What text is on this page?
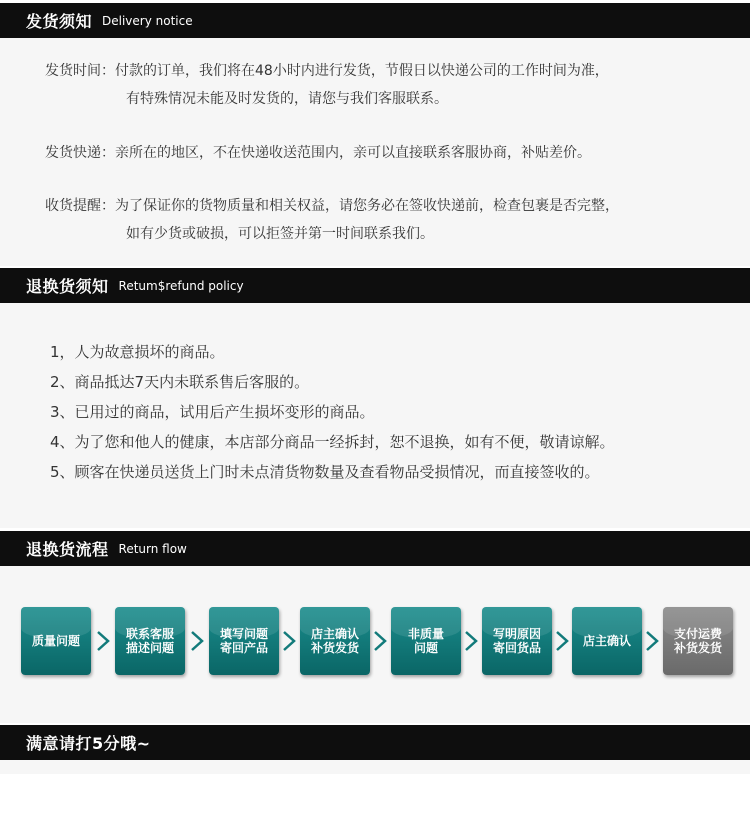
发货须知 Delivery notice
发货时间：付款的订单，我们将在48小时内进行发货，节假日以快递公司的工作时间为准，
有特殊情况未能及时发货的，请您与我们客服联系。
发货快递：亲所在的地区，不在快递收送范围内，亲可以直接联系客服协商，补贴差价。
收货提醒：为了保证你的货物质量和相关权益，请您务必在签收快递前，检查包裹是否完整，
如有少货或破损，可以拒签并第一时间联系我们。
退换货须知 Retum$refund policy
1，人为故意损坏的商品。
2、商品抵达7天内未联系售后客服的。
3、已用过的商品，试用后产生损坏变形的商品。
4、为了您和他人的健康，本店部分商品一经拆封，恕不退换，如有不便，敬请谅解。
5、顾客在快递员送货上门时未点清货物数量及查看物品受损情况，而直接签收的。
退换货流程 Return flow
质量问题	联系客服
描述问题
填写问题
寄回产品
店主确认
补货发货
非质量
问题
写明原因
寄回货品	店主确认	支付运费
补货发货
满意请打5分哦~
